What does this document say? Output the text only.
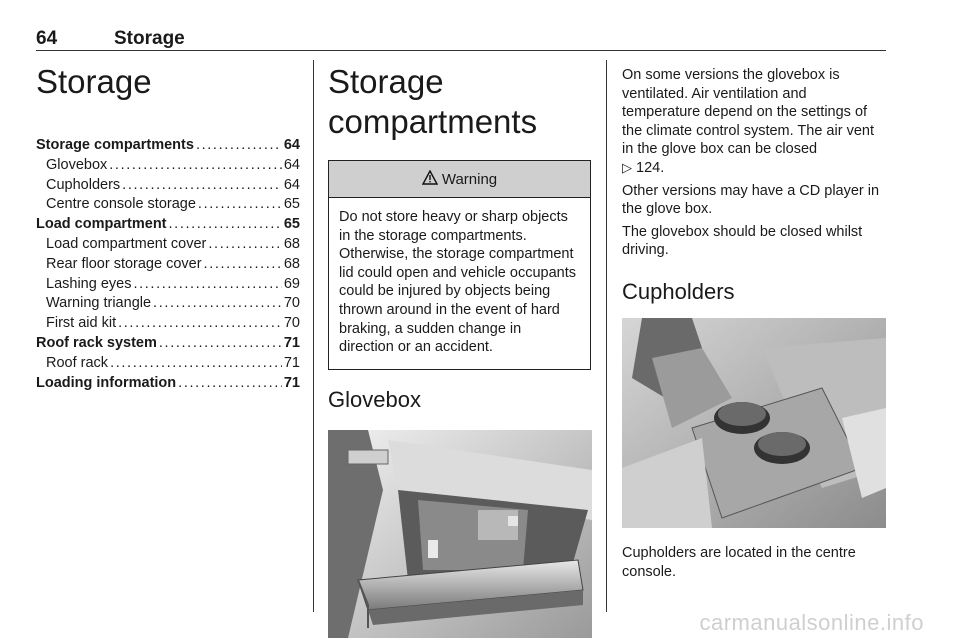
64	Storage
Storage
Storage compartments . . .	64
Glovebox . . .	64
Cupholders . . .	64
Centre console storage . . .	65
Load compartment . . .	65
Load compartment cover . . .	68
Rear floor storage cover . . .	68
Lashing eyes . . .	69
Warning triangle . . .	70
First aid kit . . .	70
Roof rack system . . .	71
Roof rack . . .	71
Loading information . . .	71
Storage compartments
Warning
Do not store heavy or sharp objects in the storage compartments. Otherwise, the storage compartment lid could open and vehicle occupants could be injured by objects being thrown around in the event of hard braking, a sudden change in direction or an accident.
Glovebox

On some versions the glovebox is ventilated. Air ventilation and temperature depend on the settings of the climate control system. The air vent in the glove box can be closed
▷ 124.

Other versions may have a CD player in the glove box.

The glovebox should be closed whilst driving.

Cupholders

Cupholders are located in the centre console.

carmanualsonline.info
